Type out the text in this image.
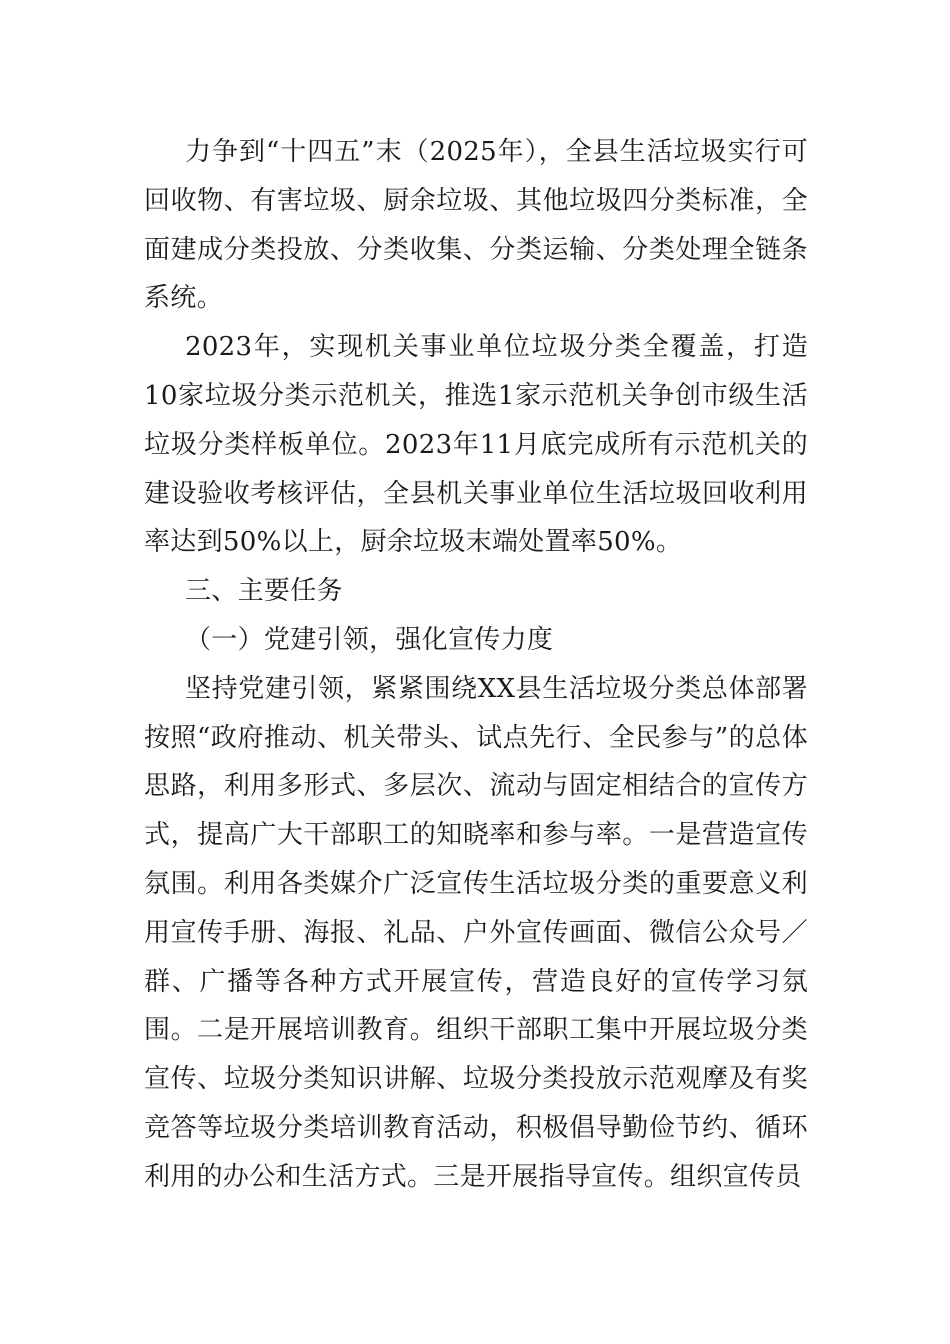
力争到“十四五”末（2025年），全县生活垃圾实行可回收物、有害垃圾、厨余垃圾、其他垃圾四分类标准，全面建成分类投放、分类收集、分类运输、分类处理全链条系统。

2023年，实现机关事业单位垃圾分类全覆盖，打造10家垃圾分类示范机关，推选1家示范机关争创市级生活垃圾分类样板单位。2023年11月底完成所有示范机关的建设验收考核评估，全县机关事业单位生活垃圾回收利用率达到50%以上，厨余垃圾末端处置率50%。

三、主要任务

（一）党建引领，强化宣传力度

坚持党建引领，紧紧围绕XX县生活垃圾分类总体部署按照“政府推动、机关带头、试点先行、全民参与”的总体思路，利用多形式、多层次、流动与固定相结合的宣传方式，提高广大干部职工的知晓率和参与率。一是营造宣传氛围。利用各类媒介广泛宣传生活垃圾分类的重要意义利用宣传手册、海报、礼品、户外宣传画面、微信公众号／群、广播等各种方式开展宣传，营造良好的宣传学习氛围。二是开展培训教育。组织干部职工集中开展垃圾分类宣传、垃圾分类知识讲解、垃圾分类投放示范观摩及有奖竞答等垃圾分类培训教育活动，积极倡导勤俭节约、循环利用的办公和生活方式。三是开展指导宣传。组织宣传员
